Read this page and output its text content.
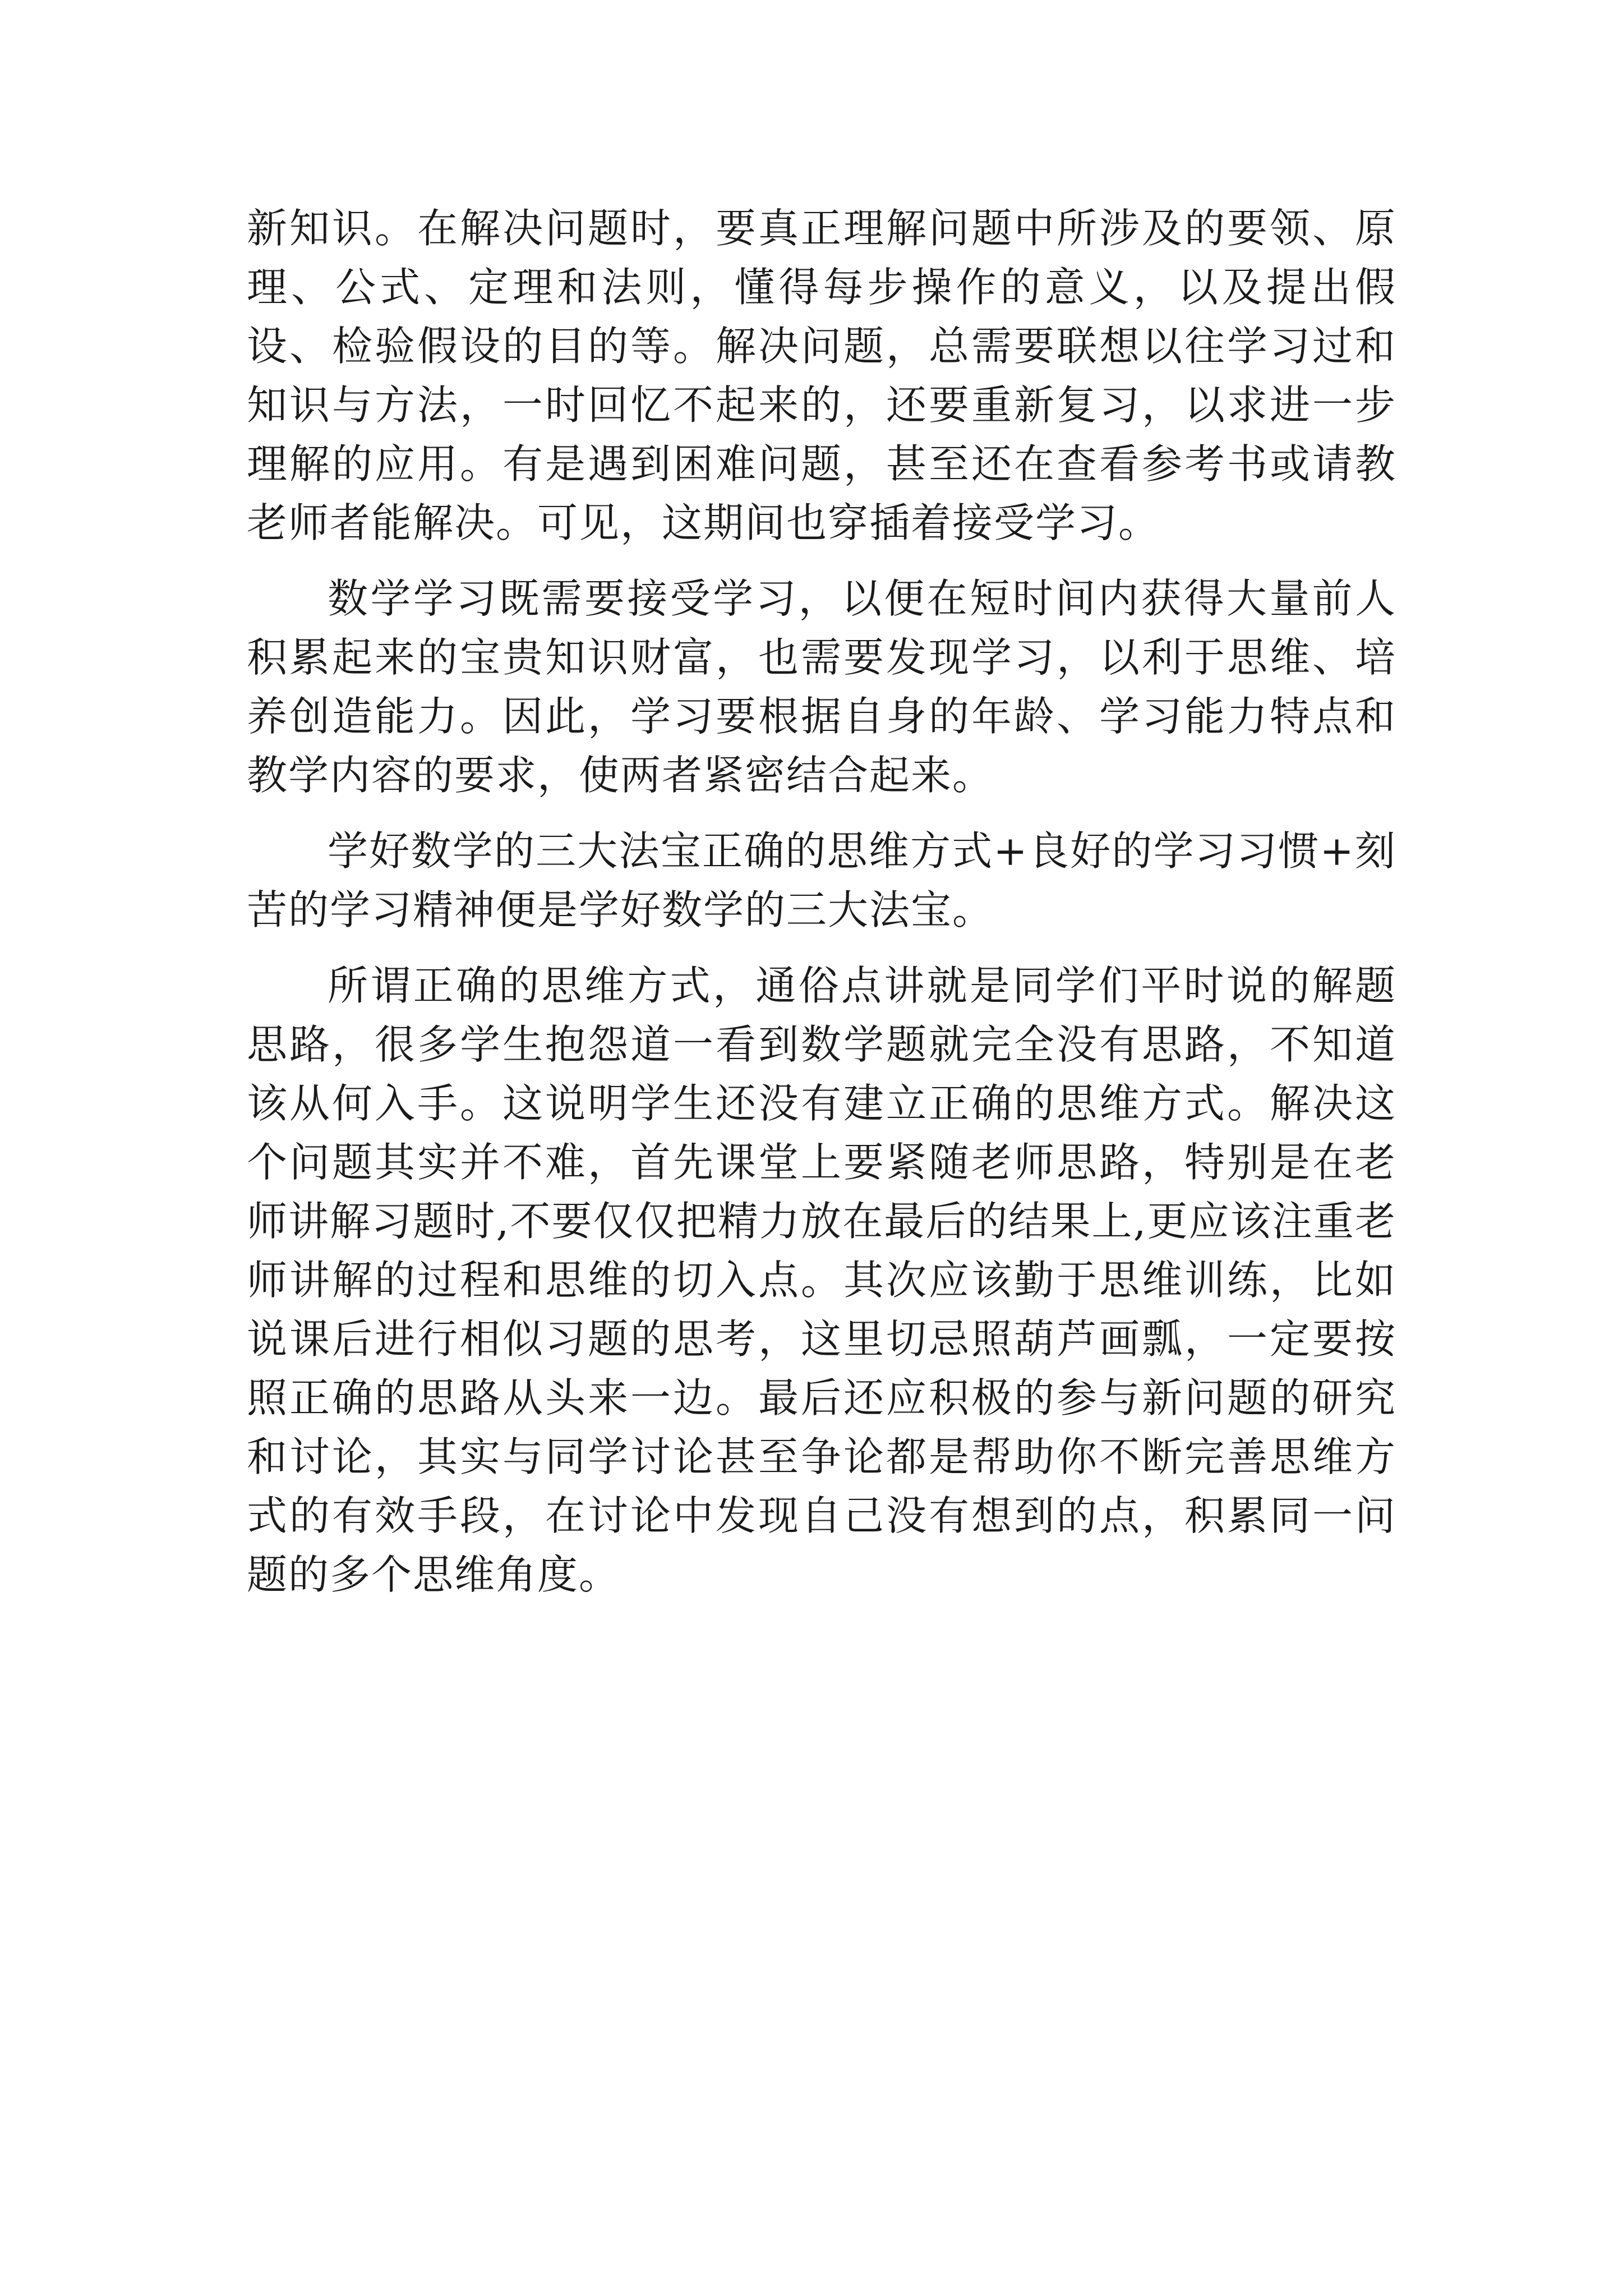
新知识。在解决问题时，要真正理解问题中所涉及的要领、原理、公式、定理和法则，懂得每步操作的意义，以及提出假设、检验假设的目的等。解决问题，总需要联想以往学习过和知识与方法，一时回忆不起来的，还要重新复习，以求进一步理解的应用。有是遇到困难问题，甚至还在查看参考书或请教老师者能解决。可见，这期间也穿插着接受学习。

数学学习既需要接受学习，以便在短时间内获得大量前人积累起来的宝贵知识财富，也需要发现学习，以利于思维、培养创造能力。因此，学习要根据自身的年龄、学习能力特点和教学内容的要求，使两者紧密结合起来。

学好数学的三大法宝正确的思维方式+良好的学习习惯+刻苦的学习精神便是学好数学的三大法宝。

所谓正确的思维方式，通俗点讲就是同学们平时说的解题思路，很多学生抱怨道一看到数学题就完全没有思路，不知道该从何入手。这说明学生还没有建立正确的思维方式。解决这个问题其实并不难，首先课堂上要紧随老师思路，特别是在老师讲解习题时,不要仅仅把精力放在最后的结果上,更应该注重老师讲解的过程和思维的切入点。其次应该勤于思维训练，比如说课后进行相似习题的思考，这里切忌照葫芦画瓢，一定要按照正确的思路从头来一边。最后还应积极的参与新问题的研究和讨论，其实与同学讨论甚至争论都是帮助你不断完善思维方式的有效手段，在讨论中发现自己没有想到的点，积累同一问题的多个思维角度。
